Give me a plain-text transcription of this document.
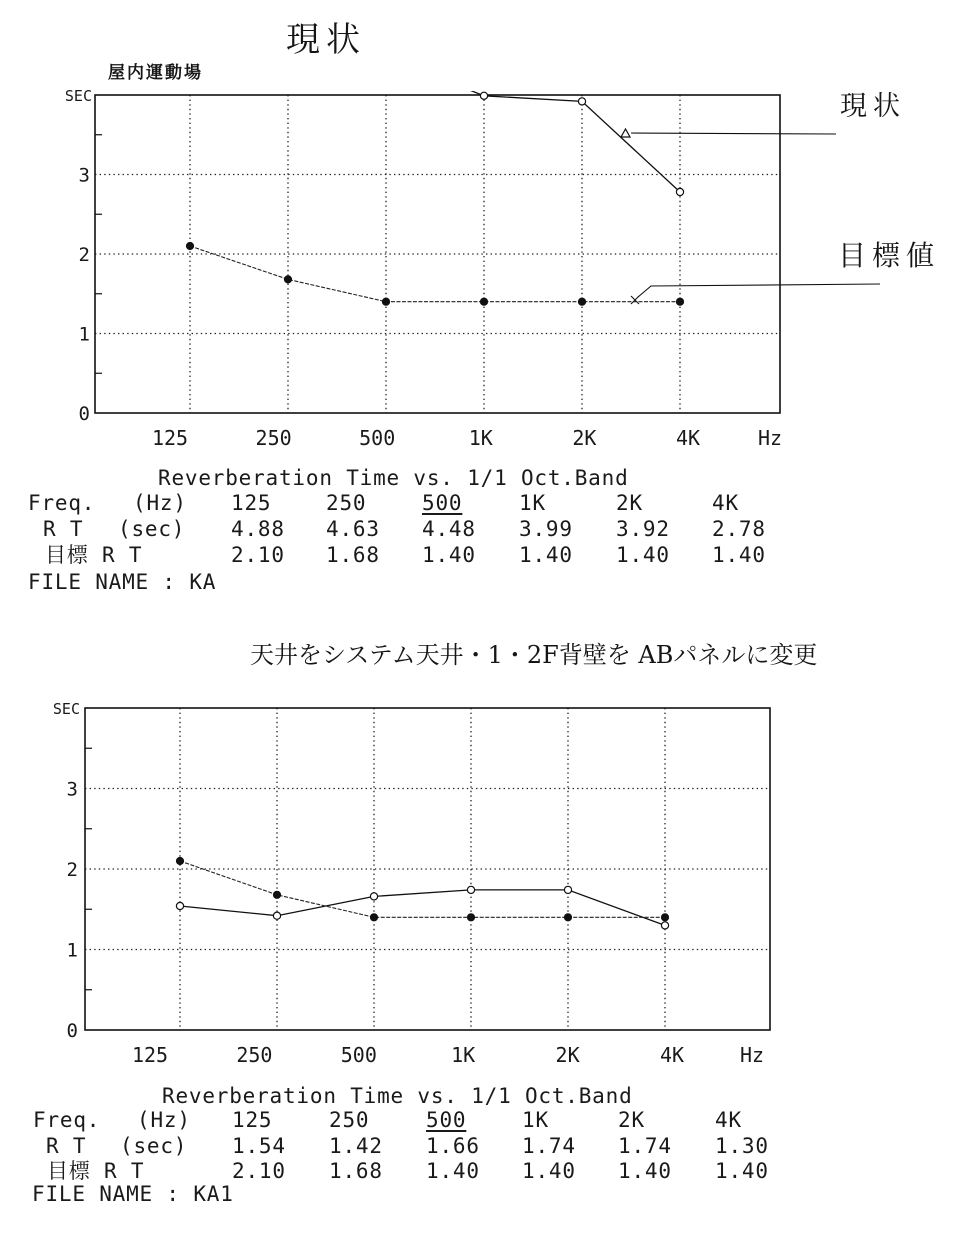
現状
屋内運動場
現状
目標値
天井をシステム天井・1・2F背壁を ABパネルに変更
0
1
2
3
SEC
125	250	500	1K	2K	4K	Hz
0
1
2
3
SEC
125	250	500	1K	2K	4K	Hz
Reverberation Time vs. 1/1 Oct.Band
Freq. (Hz) 125	250	500	1K	2K	4K
R T (sec) 4.88 4.63 4.48 3.99 3.92 2.78
目標 R T	2.10 1.68 1.40 1.40 1.40 1.40
FILE NAME : KA
Reverberation Time vs. 1/1 Oct.Band
Freq. (Hz) 125	250	500	1K	2K	4K
R T (sec) 1.54 1.42 1.66 1.74 1.74 1.30
目標 R T	2.10 1.68 1.40 1.40 1.40 1.40
FILE NAME : KA1
